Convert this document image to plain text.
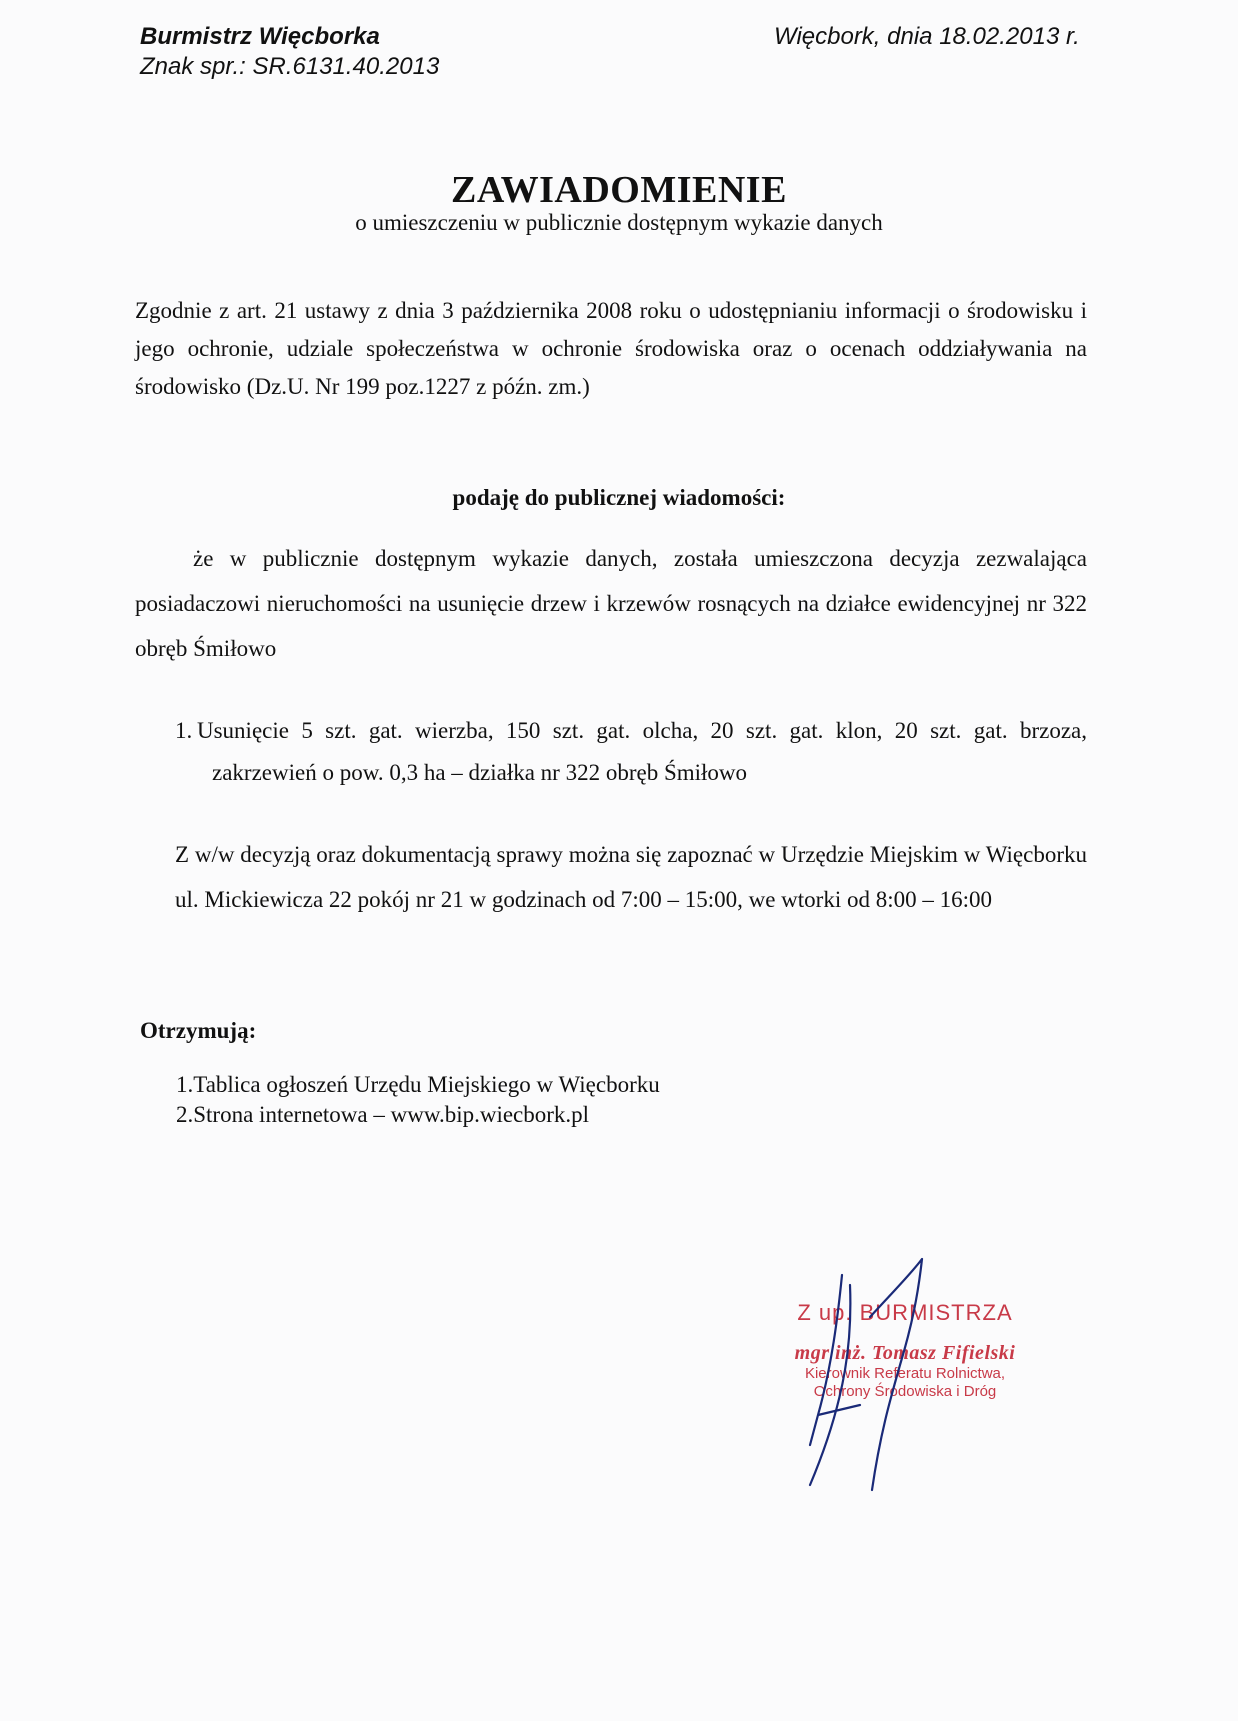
Burmistrz Więcborka
Znak spr.: SR.6131.40.2013
Więcbork, dnia 18.02.2013 r.
ZAWIADOMIENIE
o umieszczeniu w publicznie dostępnym wykazie danych
Zgodnie z art. 21 ustawy z dnia 3 października 2008 roku o udostępnianiu informacji o środowisku i jego ochronie, udziale społeczeństwa w ochronie środowiska oraz o ocenach oddziaływania na środowisko (Dz.U. Nr 199 poz.1227 z późn. zm.)
podaję do publicznej wiadomości:
że w publicznie dostępnym wykazie danych, została umieszczona decyzja zezwalająca posiadaczowi nieruchomości na usunięcie drzew i krzewów rosnących na działce ewidencyjnej nr 322 obręb Śmiłowo
1. Usunięcie 5 szt. gat. wierzba, 150 szt. gat. olcha, 20 szt. gat. klon, 20 szt. gat. brzoza,
zakrzewień o pow. 0,3 ha – działka nr 322 obręb Śmiłowo
Z w/w decyzją oraz dokumentacją sprawy można się zapoznać w Urzędzie Miejskim w Więcborku ul. Mickiewicza 22 pokój nr 21 w godzinach od 7:00 – 15:00, we wtorki od 8:00 – 16:00
Otrzymują:
1.Tablica ogłoszeń Urzędu Miejskiego w Więcborku
2.Strona internetowa – www.bip.wiecbork.pl
Z up. BURMISTRZA
mgr inż. Tomasz Fifielski
Kierownik Referatu Rolnictwa,
Ochrony Środowiska i Dróg
